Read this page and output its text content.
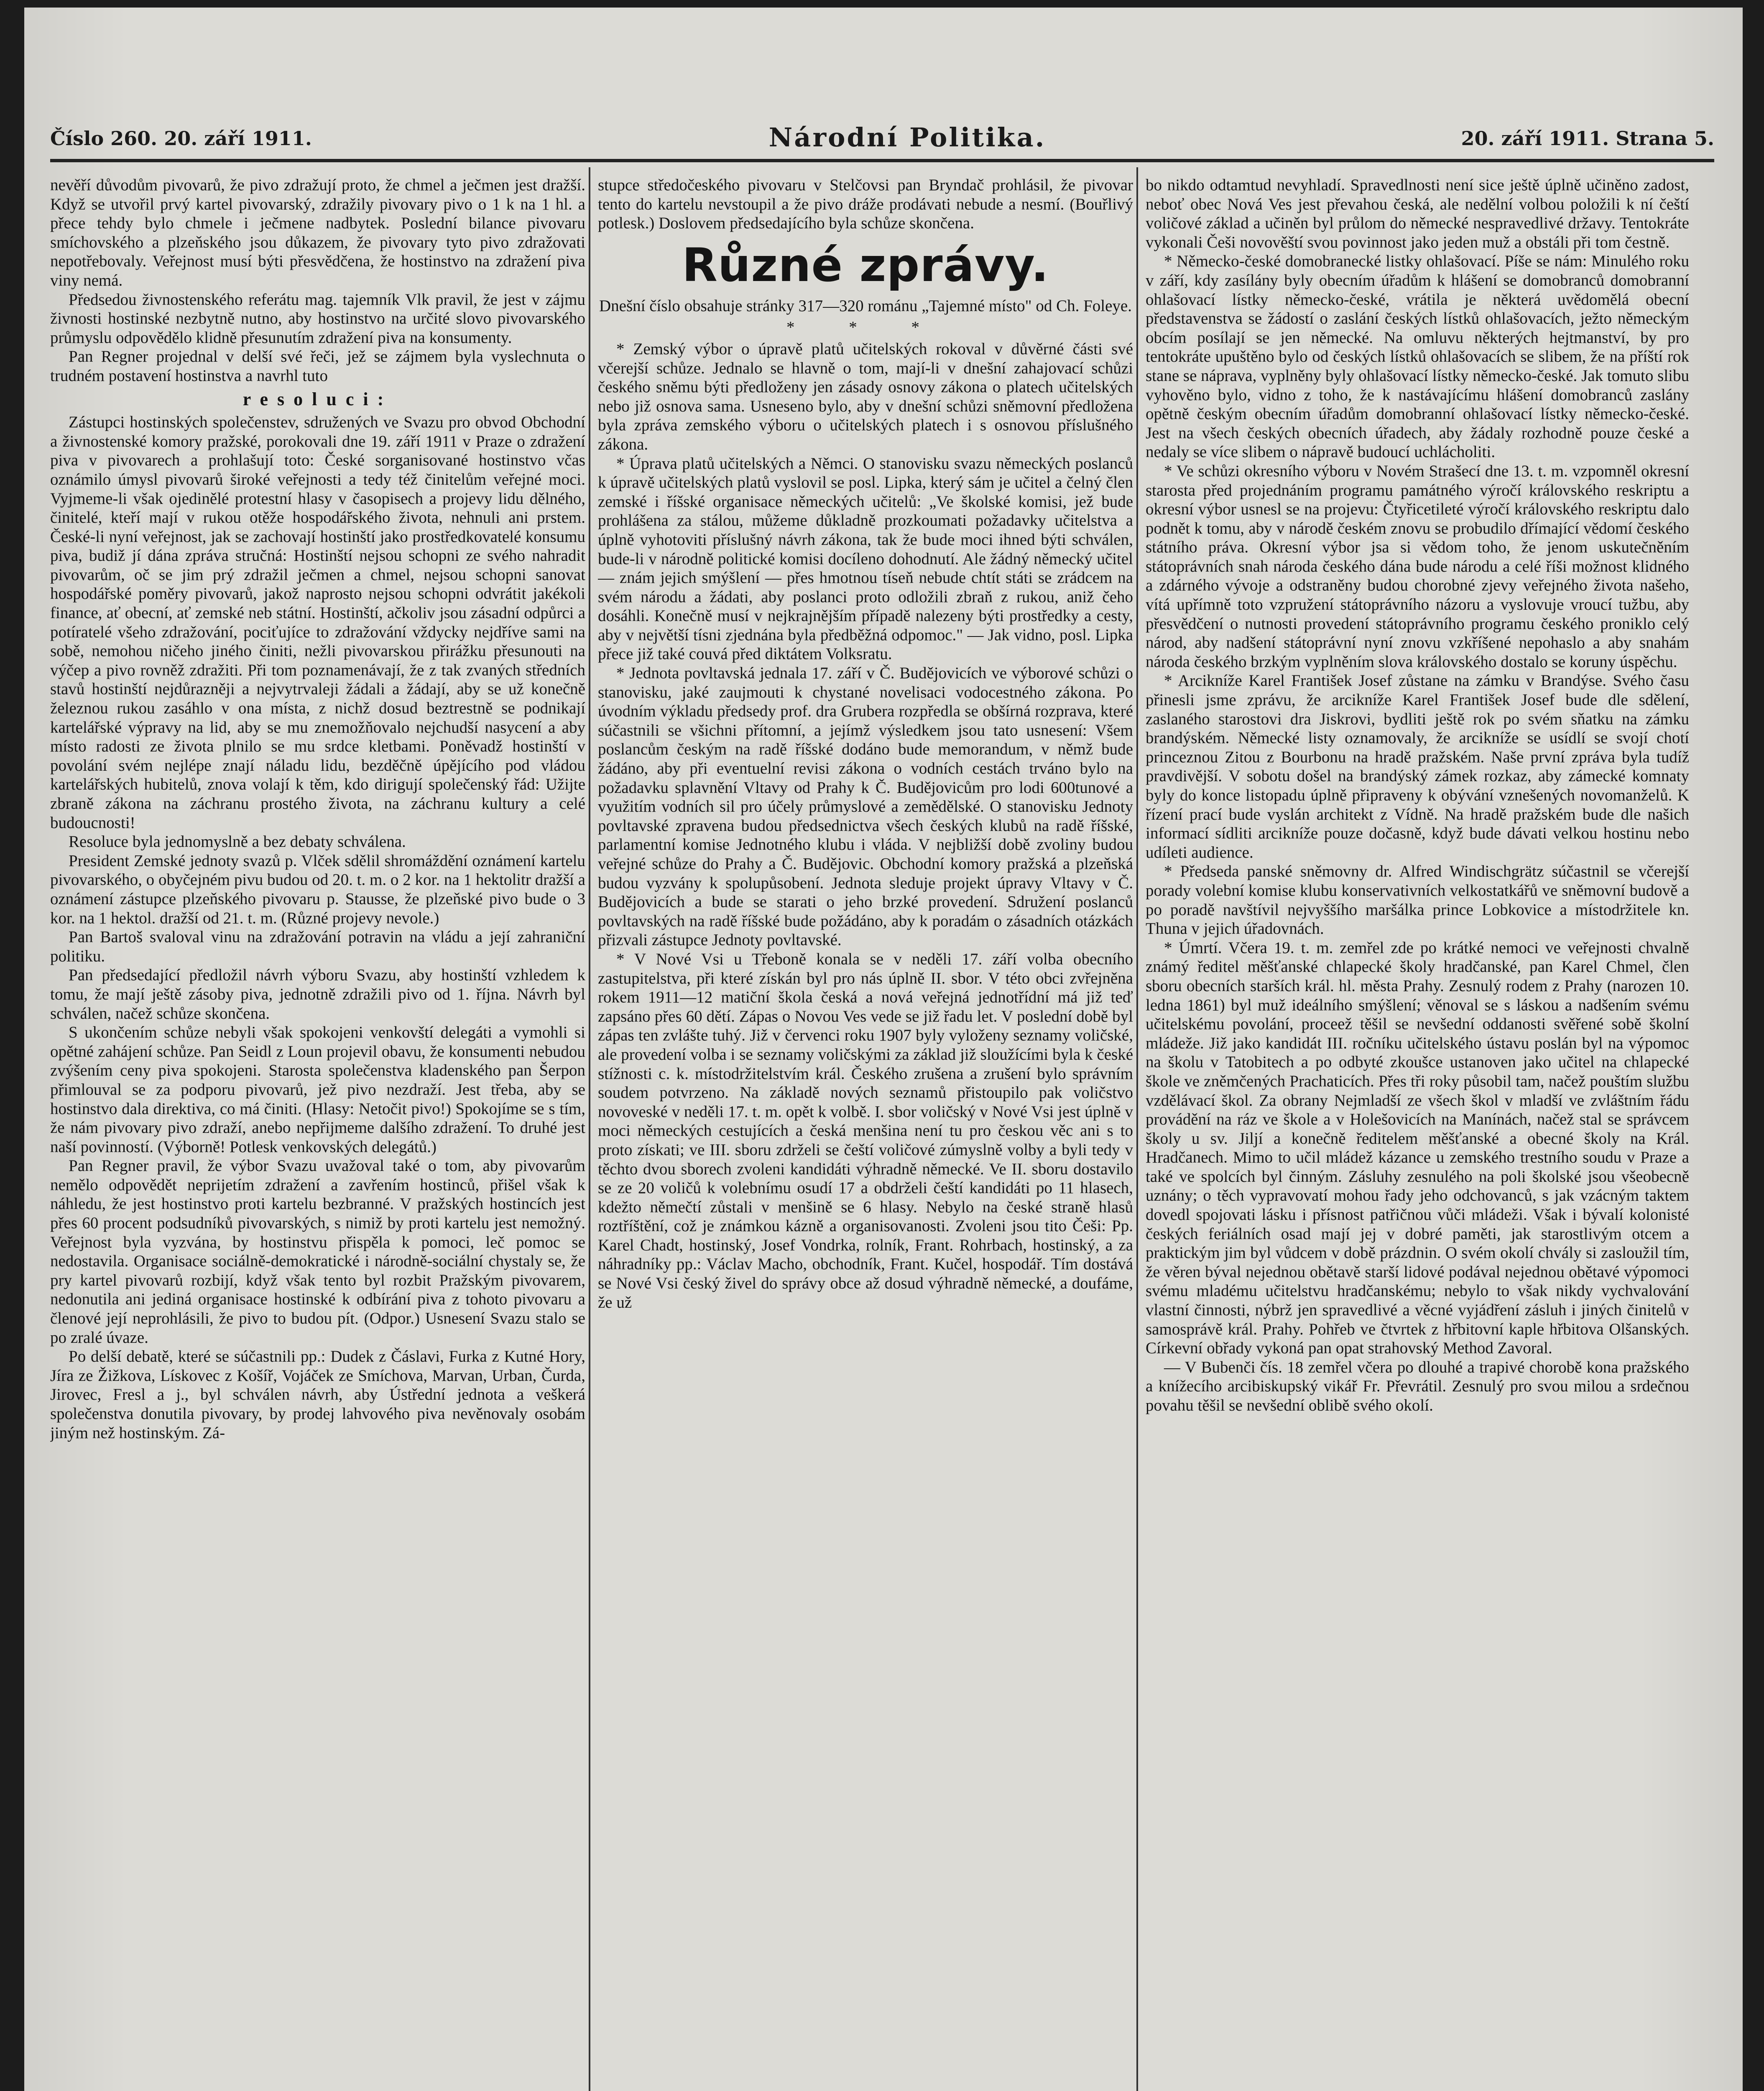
Číslo 260. 20. září 1911.	Národní Politika.	20. září 1911. Strana 5.

nevěří důvodům pivovarů, že pivo zdražují proto, že chmel a ječmen jest dražší. Když se utvořil prvý kartel pivovarský, zdražily pivovary pivo o 1 k na 1 hl. a přece tehdy bylo chmele i ječmene nadbytek. Poslední bilance pivovaru smíchovského a plzeňského jsou důkazem, že pivovary tyto pivo zdražovati nepotřebovaly. Veřejnost musí býti přesvědčena, že hostinstvo na zdražení piva viny nemá.

Předsedou živnostenského referátu mag. tajemník Vlk pravil, že jest v zájmu živnosti hostinské nezbytně nutno, aby hostinstvo na určité slovo pivovarského průmyslu odpovědělo klidně přesunutím zdražení piva na konsumenty.

Pan Regner projednal v delší své řeči, jež se zájmem byla vyslechnuta o trudném postavení hostinstva a navrhl tuto

resoluci:

Zástupci hostinských společenstev, sdružených ve Svazu pro obvod Obchodní a živnostenské komory pražské, porokovali dne 19. září 1911 v Praze o zdražení piva v pivovarech a prohlašují toto: České sorganisované hostinstvo včas oznámilo úmysl pivovarů široké veřejnosti a tedy též činitelům veřejné moci. Vyjmeme-li však ojedinělé protestní hlasy v časopisech a projevy lidu dělného, činitelé, kteří mají v rukou otěže hospodářského života, nehnuli ani prstem. České-li nyní veřejnost, jak se zachovají hostinští jako prostředkovatelé konsumu piva, budiž jí dána zpráva stručná: Hostinští nejsou schopni ze svého nahradit pivovarům, oč se jim prý zdražil ječmen a chmel, nejsou schopni sanovat hospodářské poměry pivovarů, jakož naprosto nejsou schopni odvrátit jakékoli finance, ať obecní, ať zemské neb státní. Hostinští, ačkoliv jsou zásadní odpůrci a potíratelé všeho zdražování, pociťujíce to zdražování vždycky nejdříve sami na sobě, nemohou ničeho jiného činiti, nežli pivovarskou přirážku přesunouti na výčep a pivo rovněž zdražiti. Při tom poznamenávají, že z tak zvaných středních stavů hostinští nejdůrazněji a nejvytrvaleji žádali a žádají, aby se už konečně železnou rukou zasáhlo v ona místa, z nichž dosud beztrestně se podnikají kartelářské výpravy na lid, aby se mu znemožňovalo nejchudší nasycení a aby místo radosti ze života plnilo se mu srdce kletbami. Poněvadž hostinští v povolání svém nejlépe znají náladu lidu, bezděčně úpějícího pod vládou kartelářských hubitelů, znova volají k těm, kdo dirigují společenský řád: Užijte zbraně zákona na záchranu prostého života, na záchranu kultury a celé budoucnosti!

Resoluce byla jednomyslně a bez debaty schválena.

President Zemské jednoty svazů p. Vlček sdělil shromáždění oznámení kartelu pivovarského, o obyčejném pivu budou od 20. t. m. o 2 kor. na 1 hektolitr dražší a oznámení zástupce plzeňského pivovaru p. Stausse, že plzeňské pivo bude o 3 kor. na 1 hektol. dražší od 21. t. m. (Různé projevy nevole.)

Pan Bartoš svaloval vinu na zdražování potravin na vládu a její zahraniční politiku.

Pan předsedající předložil návrh výboru Svazu, aby hostinští vzhledem k tomu, že mají ještě zásoby piva, jednotně zdražili pivo od 1. října. Návrh byl schválen, načež schůze skončena.

S ukončením schůze nebyli však spokojeni venkovští delegáti a vymohli si opětné zahájení schůze. Pan Seidl z Loun projevil obavu, že konsumenti nebudou zvýšením ceny piva spokojeni. Starosta společenstva kladenského pan Šerpon přimlouval se za podporu pivovarů, jež pivo nezdraží. Jest třeba, aby se hostinstvo dala direktiva, co má činiti. (Hlasy: Netočit pivo!) Spokojíme se s tím, že nám pivovary pivo zdraží, anebo nepřijmeme dalšího zdražení. To druhé jest naší povinností. (Výborně! Potlesk venkovských delegátů.)

Pan Regner pravil, že výbor Svazu uvažoval také o tom, aby pivovarům nemělo odpovědět neprijetím zdražení a zavřením hostinců, přišel však k náhledu, že jest hostinstvo proti kartelu bezbranné. V pražských hostincích jest přes 60 procent podsudníků pivovarských, s nimiž by proti kartelu jest nemožný. Veřejnost byla vyzvána, by hostinstvu přispěla k pomoci, leč pomoc se nedostavila. Organisace sociálně-demokratické i národně-sociální chystaly se, že pry kartel pivovarů rozbijí, když však tento byl rozbit Pražským pivovarem, nedonutila ani jediná organisace hostinské k odbírání piva z tohoto pivovaru a členové její neprohlásili, že pivo to budou pít. (Odpor.) Usnesení Svazu stalo se po zralé úvaze.

Po delší debatě, které se súčastnili pp.: Dudek z Čáslavi, Furka z Kutné Hory, Jíra ze Žižkova, Lískovec z Košíř, Vojáček ze Smíchova, Marvan, Urban, Čurda, Jirovec, Fresl a j., byl schválen návrh, aby Ústřední jednota a veškerá společenstva donutila pivovary, by prodej lahvového piva nevěnovaly osobám jiným než hostinským. Zá-

stupce středočeského pivovaru v Stelčovsi pan Bryndač prohlásil, že pivovar tento do kartelu nevstoupil a že pivo dráže prodávati nebude a nesmí. (Bouřlivý potlesk.) Doslovem předsedajícího byla schůze skončena.

Různé zprávy.

Dnešní číslo obsahuje stránky 317—320 románu „Tajemné místo" od Ch. Foleye.

* * *

* Zemský výbor o úpravě platů učitelských rokoval v důvěrné části své včerejší schůze. Jednalo se hlavně o tom, mají-li v dnešní zahajovací schůzi českého sněmu býti předloženy jen zásady osnovy zákona o platech učitelských nebo již osnova sama. Usneseno bylo, aby v dnešní schůzi sněmovní předložena byla zpráva zemského výboru o učitelských platech i s osnovou příslušného zákona.

* Úprava platů učitelských a Němci. O stanovisku svazu německých poslanců k úpravě učitelských platů vyslovil se posl. Lipka, který sám je učitel a čelný člen zemské i říšské organisace německých učitelů: „Ve školské komisi, jež bude prohlášena za stálou, můžeme důkladně prozkoumati požadavky učitelstva a úplně vyhotoviti příslušný návrh zákona, tak že bude moci ihned býti schválen, bude-li v národně politické komisi docíleno dohodnutí. Ale žádný německý učitel — znám jejich smýšlení — přes hmotnou tíseň nebude chtít státi se zrádcem na svém národu a žádati, aby poslanci proto odložili zbraň z rukou, aniž čeho dosáhli. Konečně musí v nejkrajnějším případě nalezeny býti prostředky a cesty, aby v největší tísni zjednána byla předběžná odpomoc." — Jak vidno, posl. Lipka přece již také couvá před diktátem Volksratu.

* Jednota povltavská jednala 17. září v Č. Budějovicích ve výborové schůzi o stanovisku, jaké zaujmouti k chystané novelisaci vodocestného zákona. Po úvodním výkladu předsedy prof. dra Grubera rozpředla se obšírná rozprava, které súčastnili se všichni přítomní, a jejímž výsledkem jsou tato usnesení: Všem poslancům českým na radě říšské dodáno bude memorandum, v němž bude žádáno, aby při eventuelní revisi zákona o vodních cestách trváno bylo na požadavku splavnění Vltavy od Prahy k Č. Budějovicům pro lodi 600tunové a využitím vodních sil pro účely průmyslové a zemědělské. O stanovisku Jednoty povltavské zpravena budou předsednictva všech českých klubů na radě říšské, parlamentní komise Jednotného klubu i vláda. V nejbližší době zvoliny budou veřejné schůze do Prahy a Č. Budějovic. Obchodní komory pražská a plzeňská budou vyzvány k spolupůsobení. Jednota sleduje projekt úpravy Vltavy v Č. Budějovicích a bude se starati o jeho brzké provedení. Sdružení poslanců povltavských na radě říšské bude požádáno, aby k poradám o zásadních otázkách přizvali zástupce Jednoty povltavské.

* V Nové Vsi u Třeboně konala se v neděli 17. září volba obecního zastupitelstva, při které získán byl pro nás úplně II. sbor. V této obci zvřejněna rokem 1911—12 matiční škola česká a nová veřejná jednotřídní má již teď zapsáno přes 60 dětí. Zápas o Novou Ves vede se již řadu let. V poslední době byl zápas ten zvlášte tuhý. Již v červenci roku 1907 byly vyloženy seznamy voličské, ale provedení volba i se seznamy voličskými za základ již sloužícími byla k české stížnosti c. k. místodržitelstvím král. Českého zrušena a zrušení bylo správním soudem potvrzeno. Na základě nových seznamů přistoupilo pak voličstvo novoveské v neděli 17. t. m. opět k volbě. I. sbor voličský v Nové Vsi jest úplně v moci německých cestujících a česká menšina není tu pro českou věc ani s to proto získati; ve III. sboru zdrželi se čeští voličové zúmyslně volby a byli tedy v těchto dvou sborech zvoleni kandidáti výhradně německé. Ve II. sboru dostavilo se ze 20 voličů k volebnímu osudí 17 a obdrželi čeští kandidáti po 11 hlasech, kdežto němečtí zůstali v menšině se 6 hlasy. Nebylo na české straně hlasů roztříštění, což je známkou kázně a organisovanosti. Zvoleni jsou tito Češi: Pp. Karel Chadt, hostinský, Josef Vondrka, rolník, Frant. Rohrbach, hostinský, a za náhradníky pp.: Václav Macho, obchodník, Frant. Kučel, hospodář. Tím dostává se Nové Vsi český živel do správy obce až dosud výhradně německé, a doufáme, že už

bo nikdo odtamtud nevyhladí. Spravedlnosti není sice ještě úplně učiněno zadost, neboť obec Nová Ves jest převahou česká, ale nedělní volbou položili k ní čeští voličové základ a učiněn byl průlom do německé nespravedlivé državy. Tentokráte vykonali Češi novověští svou povinnost jako jeden muž a obstáli při tom čestně.

* Německo-české domobranecké listky ohlašovací. Píše se nám: Minulého roku v září, kdy zasílány byly obecním úřadům k hlášení se domobranců domobranní ohlašovací lístky německo-české, vrátila je některá uvědomělá obecní představenstva se žádostí o zaslání českých lístků ohlašovacích, ježto německým obcím posílají se jen německé. Na omluvu některých hejtmanství, by pro tentokráte upuštěno bylo od českých lístků ohlašovacích se slibem, že na příští rok stane se náprava, vyplněny byly ohlašovací lístky německo-české. Jak tomuto slibu vyhověno bylo, vidno z toho, že k nastávajícímu hlášení domobranců zaslány opětně českým obecním úřadům domobranní ohlašovací lístky německo-české. Jest na všech českých obecních úřadech, aby žádaly rozhodně pouze české a nedaly se více slibem o nápravě budoucí uchlácholiti.

* Ve schůzi okresního výboru v Novém Strašecí dne 13. t. m. vzpomněl okresní starosta před projednáním programu památného výročí královského reskriptu a okresní výbor usnesl se na projevu: Čtyřicetileté výročí královského reskriptu dalo podnět k tomu, aby v národě českém znovu se probudilo dřímající vědomí českého státního práva. Okresní výbor jsa si vědom toho, že jenom uskutečněním státoprávních snah národa českého dána bude národu a celé říši možnost klidného a zdárného vývoje a odstraněny budou chorobné zjevy veřejného života našeho, vítá upřímně toto vzpružení státoprávního názoru a vyslovuje vroucí tužbu, aby přesvědčení o nutnosti provedení státoprávního programu českého proniklo celý národ, aby nadšení státoprávní nyní znovu vzkříšené nepohaslo a aby snahám národa českého brzkým vyplněním slova královského dostalo se koruny úspěchu.

* Arcikníže Karel František Josef zůstane na zámku v Brandýse. Svého času přinesli jsme zprávu, že arcikníže Karel František Josef bude dle sdělení, zaslaného starostovi dra Jiskrovi, bydliti ještě rok po svém sňatku na zámku brandýském. Německé listy oznamovaly, že arcikníže se usídlí se svojí chotí princeznou Zitou z Bourbonu na hradě pražském. Naše první zpráva byla tudíž pravdivější. V sobotu došel na brandýský zámek rozkaz, aby zámecké komnaty byly do konce listopadu úplně připraveny k obývání vznešených novomanželů. K řízení prací bude vyslán architekt z Vídně. Na hradě pražském bude dle našich informací sídliti arcikníže pouze dočasně, když bude dávati velkou hostinu nebo udíleti audience.

* Předseda panské sněmovny dr. Alfred Windischgrätz súčastnil se včerejší porady volební komise klubu konservativních velkostatkářů ve sněmovní budově a po poradě navštívil nejvyššího maršálka prince Lobkovice a místodržitele kn. Thuna v jejich úřadovnách.

* Úmrtí. Včera 19. t. m. zemřel zde po krátké nemoci ve veřejnosti chvalně známý ředitel měšťanské chlapecké školy hradčanské, pan Karel Chmel, člen sboru obecních starších král. hl. města Prahy. Zesnulý rodem z Prahy (narozen 10. ledna 1861) byl muž ideálního smýšlení; věnoval se s láskou a nadšením svému učitelskému povolání, proceež těšil se nevšední oddanosti svěřené sobě školní mládeže. Již jako kandidát III. ročníku učitelského ústavu poslán byl na výpomoc na školu v Tatobitech a po odbyté zkoušce ustanoven jako učitel na chlapecké škole ve zněmčených Prachaticích. Přes tři roky působil tam, načež pouštím službu vzdělávací škol. Za obrany Nejmladší ze všech škol v mladší ve zvláštním řádu provádění na ráz ve škole a v Holešovicích na Manínách, načež stal se správcem školy u sv. Jiljí a konečně ředitelem měšťanské a obecné školy na Král. Hradčanech. Mimo to učil mládež kázance u zemského trestního soudu v Praze a také ve spolcích byl činným. Zásluhy zesnulého na poli školské jsou všeobecně uznány; o těch vypravovatí mohou řady jeho odchovanců, s jak vzácným taktem dovedl spojovati lásku i přísnost patřičnou vůči mládeži. Však i bývalí kolonisté českých feriálních osad mají jej v dobré paměti, jak starostlivým otcem a praktickým jim byl vůdcem v době prázdnin. O svém okolí chvály si zasloužil tím, že věren býval nejednou obětavě starší lidové podával nejednou obětavé výpomoci svému mladému učitelstvu hradčanskému; nebylo to však nikdy vychvalování vlastní činnosti, nýbrž jen spravedlivé a věcné vyjádření zásluh i jiných činitelů v samosprávě král. Prahy. Pohřeb ve čtvrtek z hřbitovní kaple hřbitova Olšanských. Církevní obřady vykoná pan opat strahovský Method Zavoral.

— V Bubenči čís. 18 zemřel včera po dlouhé a trapivé chorobě kona pražského a knížecího arcibiskupský vikář Fr. Převrátil. Zesnulý pro svou milou a srdečnou povahu těšil se nevšední oblibě svého okolí.
